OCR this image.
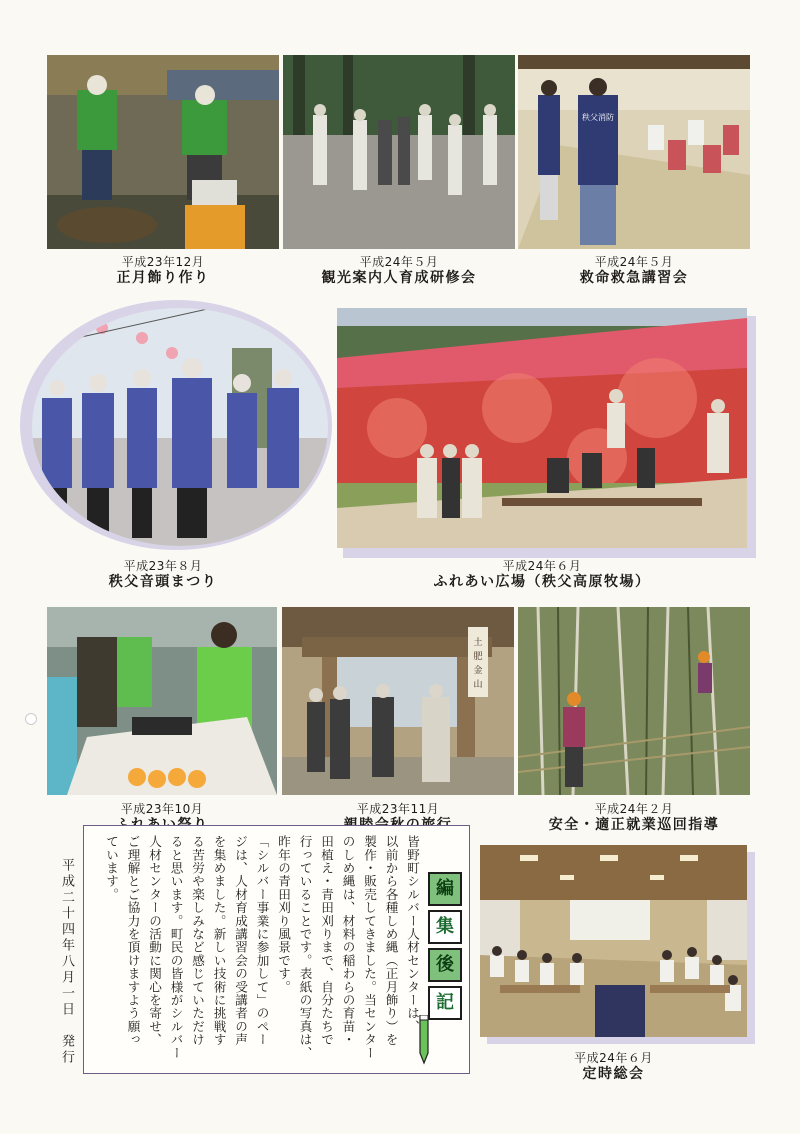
平成23年12月
正月飾り作り
平成24年５月
観光案内人育成研修会
秩父消防
平成24年５月
救命救急講習会
平成23年８月
秩父音頭まつり
平成24年６月
ふれあい広場（秩父高原牧場）
平成23年10月
土
肥
金
山
平成23年11月	平成24年２月
安全・適正就業巡回指導
皆野町シルバー人材センターは、
以前から各種しめ縄（正月飾り）を
製作・販売してきました。当センター
のしめ縄は、材料の稲わらの育苗・
田植え・青田刈りまで、自分たちで
行っていることです。表紙の写真は、
昨年の青田刈り風景です。
「シルバー事業に参加して」のペー
ジは、人材育成講習会の受講者の声
を集めました。新しい技術に挑戦す
る苦労や楽しみなど感じていただけ
ると思います。町民の皆様がシルバー
人材センターの活動に関心を寄せ、
ご理解とご協力を頂けますよう願っ
ています。	編
集
後
記
平成二十四年八月一日　発行	平成24年６月
定時総会
